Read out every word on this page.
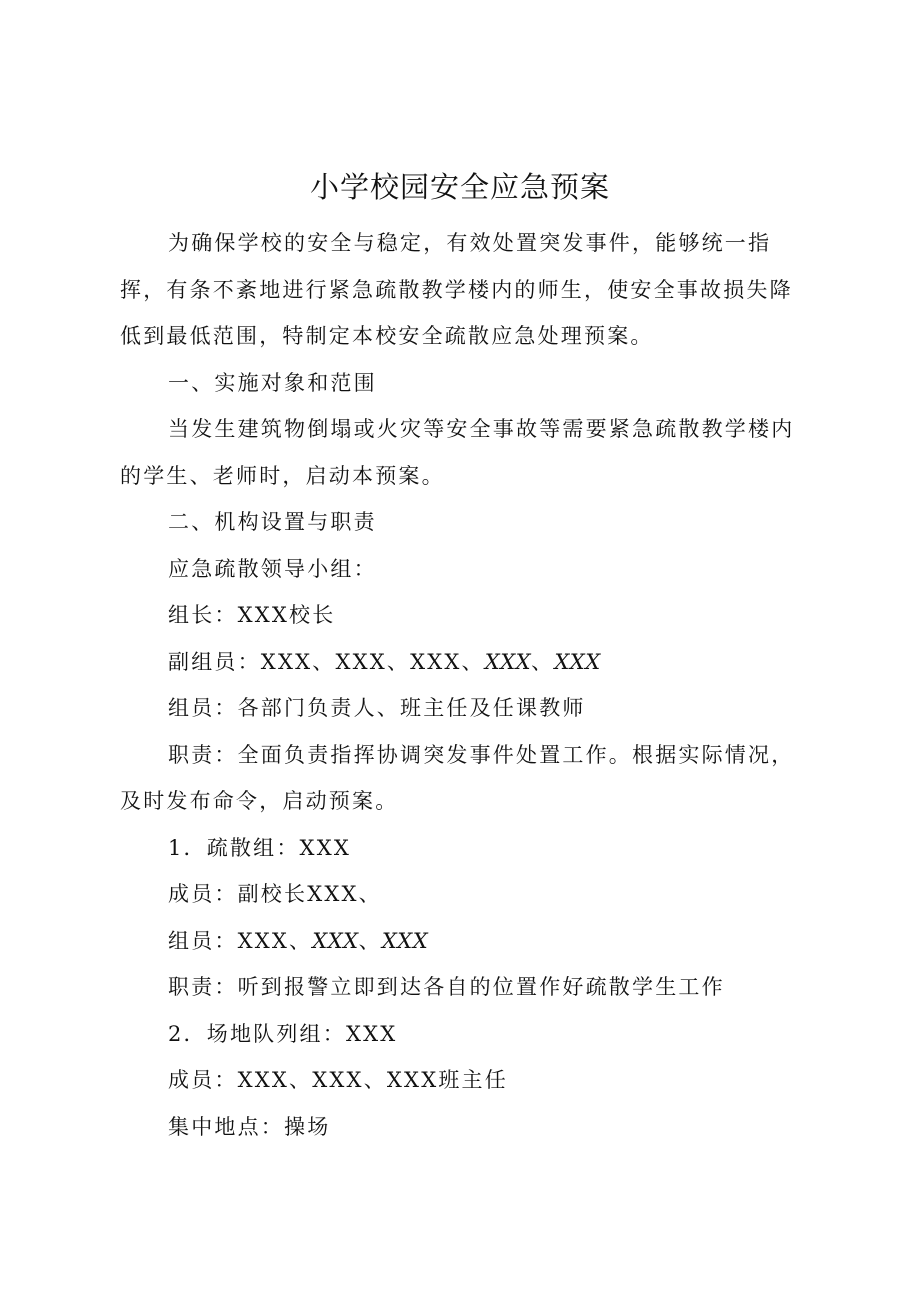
小学校园安全应急预案

为确保学校的安全与稳定，有效处置突发事件，能够统一指挥，有条不紊地进行紧急疏散教学楼内的师生，使安全事故损失降低到最低范围，特制定本校安全疏散应急处理预案。

一、实施对象和范围

当发生建筑物倒塌或火灾等安全事故等需要紧急疏散教学楼内的学生、老师时，启动本预案。

二、机构设置与职责

应急疏散领导小组：

组长：XXX校长

副组员：XXX、XXX、XXX、XXX、XXX

组员：各部门负责人、班主任及任课教师

职责：全面负责指挥协调突发事件处置工作。根据实际情况，及时发布命令，启动预案。

1．疏散组：XXX

成员：副校长XXX、

组员：XXX、XXX、XXX

职责：听到报警立即到达各自的位置作好疏散学生工作

2．场地队列组：XXX

成员：XXX、XXX、XXX班主任

集中地点：操场
